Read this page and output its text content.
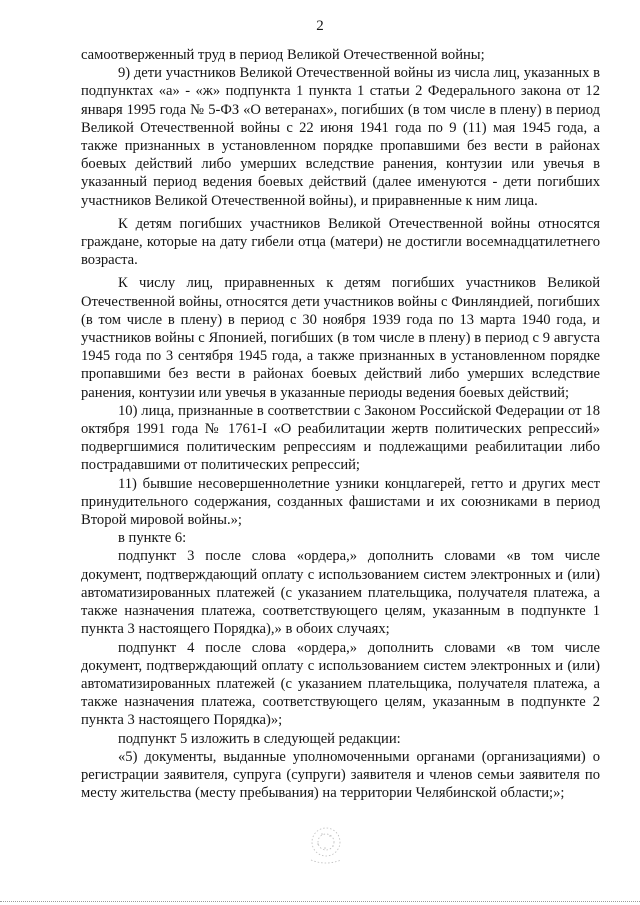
2

самоотверженный труд в период Великой Отечественной войны;

9) дети участников Великой Отечественной войны из числа лиц, указанных в подпунктах «а» - «ж» подпункта 1 пункта 1 статьи 2 Федерального закона от 12 января 1995 года № 5-ФЗ «О ветеранах», погибших (в том числе в плену) в период Великой Отечественной войны с 22 июня 1941 года по 9 (11) мая 1945 года, а также признанных в установленном порядке пропавшими без вести в районах боевых действий либо умерших вследствие ранения, контузии или увечья в указанный период ведения боевых действий (далее именуются - дети погибших участников Великой Отечественной войны), и приравненные к ним лица.

К детям погибших участников Великой Отечественной войны относятся граждане, которые на дату гибели отца (матери) не достигли восемнадцатилетнего возраста.

К числу лиц, приравненных к детям погибших участников Великой Отечественной войны, относятся дети участников войны с Финляндией, погибших (в том числе в плену) в период с 30 ноября 1939 года по 13 марта 1940 года, и участников войны с Японией, погибших (в том числе в плену) в период с 9 августа 1945 года по 3 сентября 1945 года, а также признанных в установленном порядке пропавшими без вести в районах боевых действий либо умерших вследствие ранения, контузии или увечья в указанные периоды ведения боевых действий;

10) лица, признанные в соответствии с Законом Российской Федерации от 18 октября 1991 года № 1761-I «О реабилитации жертв политических репрессий» подвергшимися политическим репрессиям и подлежащими реабилитации либо пострадавшими от политических репрессий;

11) бывшие несовершеннолетние узники концлагерей, гетто и других мест принудительного содержания, созданных фашистами и их союзниками в период Второй мировой войны.»;

в пункте 6:

подпункт 3 после слова «ордера,» дополнить словами «в том числе документ, подтверждающий оплату с использованием систем электронных и (или) автоматизированных платежей (с указанием плательщика, получателя платежа, а также назначения платежа, соответствующего целям, указанным в подпункте 1 пункта 3 настоящего Порядка),» в обоих случаях;

подпункт 4 после слова «ордера,» дополнить словами «в том числе документ, подтверждающий оплату с использованием систем электронных и (или) автоматизированных платежей (с указанием плательщика, получателя платежа, а также назначения платежа, соответствующего целям, указанным в подпункте 2 пункта 3 настоящего Порядка)»;

подпункт 5 изложить в следующей редакции:

«5) документы, выданные уполномоченными органами (организациями) о регистрации заявителя, супруга (супруги) заявителя и членов семьи заявителя по месту жительства (месту пребывания) на территории Челябинской области;»;
